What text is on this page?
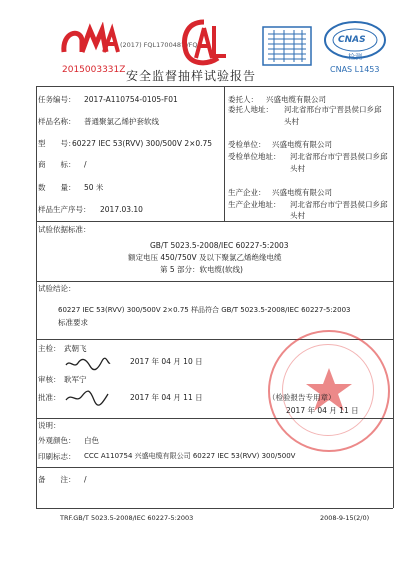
2015003331Z
(2017) FQL170048? /FQ	CNAS
检测
CNAS L1453
安全监督抽样试验报告
任务编号： 2017-A110754-0105-F01
样品名称： 普通聚氯乙烯护套软线
型　　号：
60227 IEC 53(RVV) 300/500V 2×0.75
商　　标： /
数　　量： 50 米
样品生产序号： 2017.03.10
委托人： 兴盛电缆有限公司
委托人地址： 河北省邢台市宁晋县侯口乡邱
头村
受检单位： 兴盛电缆有限公司
受检单位地址： 河北省邢台市宁晋县侯口乡邱
头村
生产企业： 兴盛电缆有限公司
生产企业地址： 河北省邢台市宁晋县侯口乡邱
头村
试验依据标准：
GB/T 5023.5-2008/IEC 60227-5:2003
额定电压 450/750V 及以下聚氯乙烯绝缘电缆
第 5 部分：软电缆(软线)
试验结论：
60227 IEC 53(RVV) 300/500V 2×0.75 样品符合 GB/T 5023.5-2008/IEC 60227-5:2003
标准要求
主检： 武朝飞
2017 年 04 月 10 日
审核： 耿军宁
批准：	2017 年 04 月 11 日	（检验报告专用章）
2017 年 04 月 11 日
说明：
外观颜色： 白色
印刷标志： CCC A110754 兴盛电缆有限公司 60227 IEC 53(RVV) 300/500V
备　　注： /
TRF.GB/T 5023.5-2008/IEC 60227-5:2003	2008-9-15(2/0)
